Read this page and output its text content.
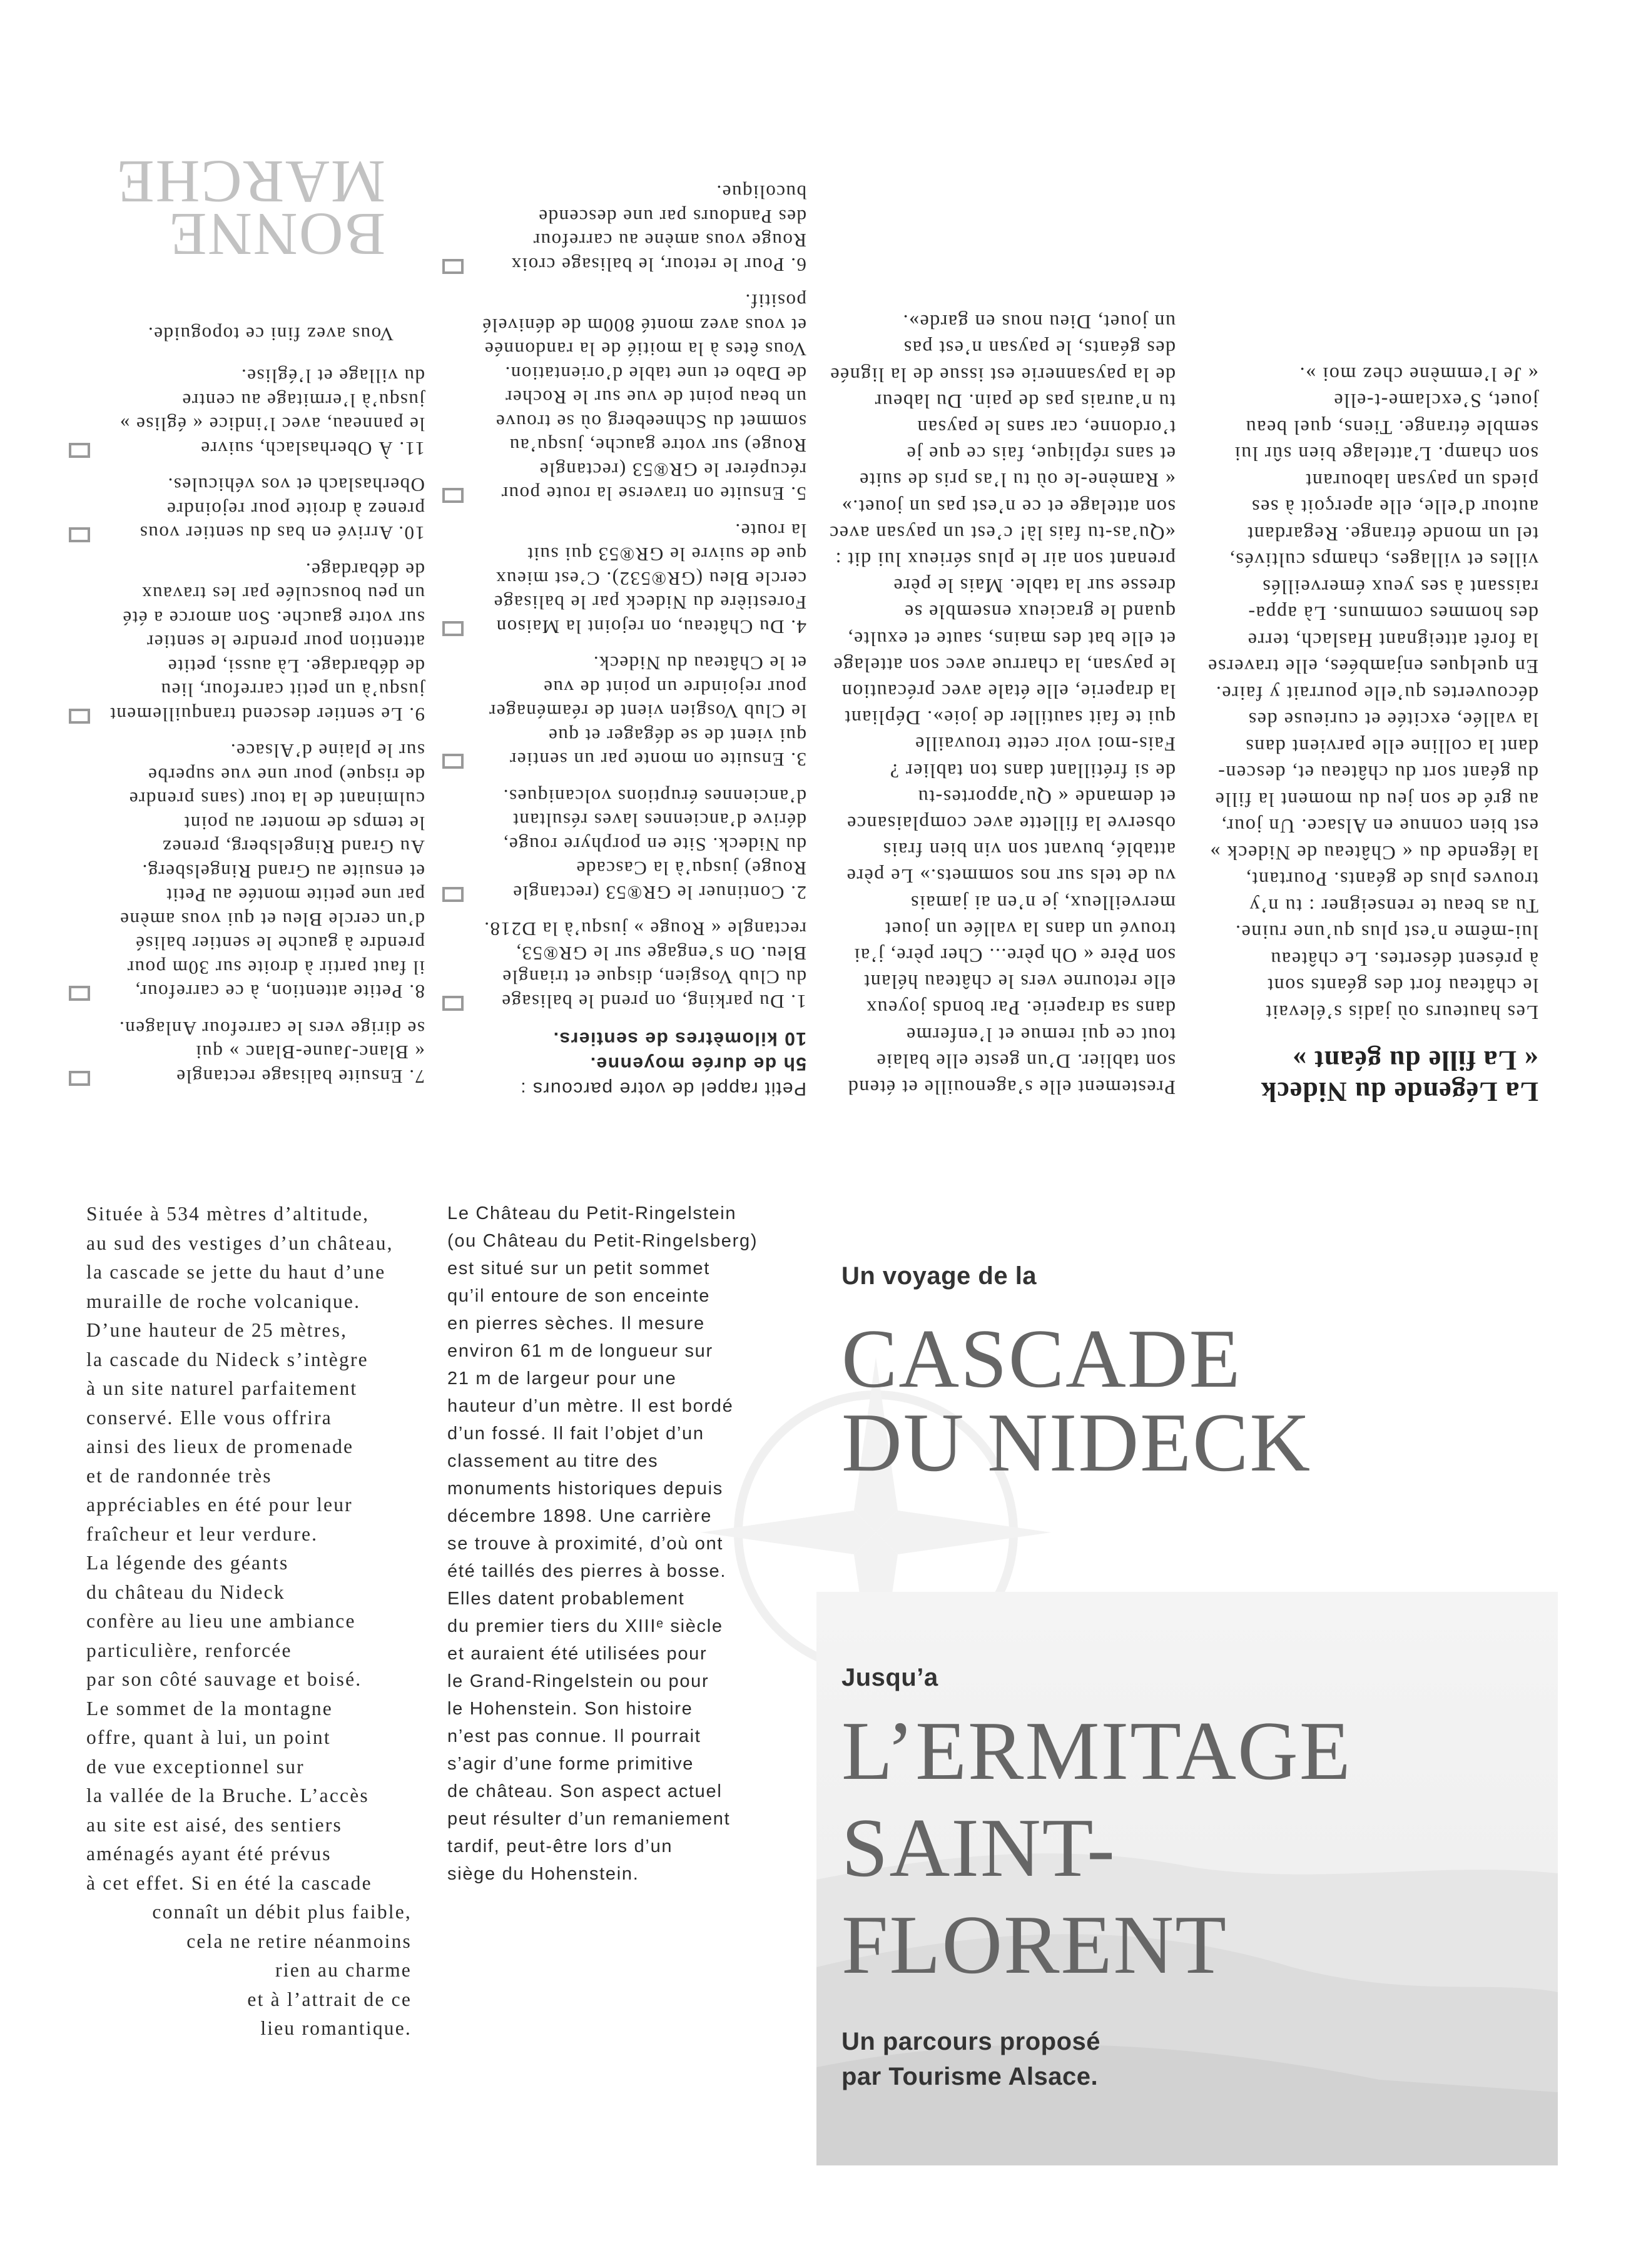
La Légende du Nideck
« La fille du géant »
Les hauteurs où jadis s’élevait
le château fort des géants sont
à présent désertes. Le château
lui-même n’est plus qu’une ruine.
Tu as beau te renseigner : tu n’y
trouves plus de géants. Pourtant,
la légende du « Château de Nideck »
est bien connue en Alsace. Un jour,
au gré de son jeu du moment la fille
du géant sort du château et, descen-
dant la colline elle parvient dans
la vallée, excitée et curieuse des
découvertes qu’elle pourrait y faire.
En quelques enjambées, elle traverse
la forêt atteignant Haslach, terre
des hommes communs. Là appa-
raissant à ses yeux émerveillés
villes et villages, champs cultivés,
tel un monde étrange. Regardant
autour d’elle, elle aperçoit à ses
pieds un paysan labourant
son champ. L’attelage bien sûr lui
semble étrange. Tiens, quel beau
jouet, S’exclame-t-elle
« Je l’emmène chez moi ».
Prestement elle s’agenouille et étend
son tablier. D’un geste elle balaie
tout ce qui remue et l’enferme
dans sa draperie. Par bonds joyeux
elle retourne vers le château hélant
son Père « Oh père... Cher père, j’ai
trouvé un dans la vallée un jouet
merveilleux, je n’en ai jamais
vu de tels sur nos sommets.» Le père
attablé, buvant son vin bien frais
observe la fillette avec complaisance
et demande « Qu’apportes-tu
de si frétillant dans ton tablier ?
Fais-moi voir cette trouvaille
qui te fait sautiller de joie». Dépliant
la draperie, elle étale avec précaution
le paysan, la charrue avec son attelage
et elle bat des mains, saute et exulte,
quand le gracieux ensemble se
dresse sur la table. Mais le père
prenant son air le plus sérieux lui dit :
«Qu’as-tu fais là! c’est un paysan avec
son attelage et ce n’est pas un jouet.»
« Ramène-le où tu l’as pris de suite
et sans réplique, fais ce que je
t’ordonne, car sans le paysan
tu n’aurais pas de pain. Du labeur
de la paysannerie est issue de la lignée
des géants, le paysan n’est pas
un jouet, Dieu nous en garde».
Petit rappel de votre parcours :
5h de durée moyenne.
10 kilomètres de sentiers.
1. Du parking, on prend le balisage
du Club Vosgien, disque et triangle
Bleu. On s’engage sur le GR®53,
rectangle « Rouge » jusqu’à la D218.
2. Continuer le GR®53 (rectangle
Rouge) jusqu’à la Cascade
du Nideck. Site en porphyre rouge,
dérive d’anciennes laves résultant
d’anciennes éruptions volcaniques.
3. Ensuite on monte par un sentier
qui vient de se dégager et que
le Club Vosgien vient de réaménager
pour rejoindre un point de vue
et le Château du Nideck.
4. Du Château, on rejoint la Maison
Forestière du Nideck par le balisage
cercle Bleu (GR®532). C’est mieux
que de suivre le GR®53 qui suit
la route.
5. Ensuite on traverse la route pour
récupérer le GR®53 (rectangle
Rouge) sur votre gauche, jusqu’au
sommet du Schneeberg où se trouve
un beau point de vue sur le Rocher
de Dabo et une table d’orientation.
Vous êtes à la moitié de la randonnée
et vous avez monté 800m de dénivelé
positif.
6. Pour le retour, le balisage croix
Rouge vous amène au carrefour
des Pandours par une descende
bucolique.
7. Ensuite balisage rectangle
« Blanc-Jaune-Blanc » qui
se dirige vers le carrefour Anlagen.
8. Petite attention, à ce carrefour,
il faut partir à droite sur 30m pour
prendre à gauche le sentier balisé
d’un cercle Bleu et qui vous amène
par une petite montée au Petit
et ensuite au Grand Ringelsberg.
Au Grand Ringelsberg, prenez
le temps de monter au point
culminant de la tour (sans prendre
de risque) pour une vue superbe
sur le plaine d’Alsace.
9. Le sentier descend tranquillement
jusqu’à un petit carrefour, lieu
de débardage. Là aussi, petite
attention pour prendre le sentier
sur votre gauche. Son amorce a été
un peu bousculée par les travaux
de débardage.
10. Arrivé en bas du sentier vous
prenez à droite pour rejoindre
Oberhaslach et vos véhicules.
11. À Oberhaslach, suivre
le panneau, avec l’indice « église »
jusqu’à l’ermitage au centre
du village et l’église.
Vous avez fini ce topoguide.
BONNE
MARCHE
Située à 534 mètres d’altitude,
au sud des vestiges d’un château,
la cascade se jette du haut d’une
muraille de roche volcanique.
D’une hauteur de 25 mètres,
la cascade du Nideck s’intègre
à un site naturel parfaitement
conservé. Elle vous offrira
ainsi des lieux de promenade
et de randonnée très
appréciables en été pour leur
fraîcheur et leur verdure.
La légende des géants
du château du Nideck
confère au lieu une ambiance
particulière, renforcée
par son côté sauvage et boisé.
Le sommet de la montagne
offre, quant à lui, un point
de vue exceptionnel sur
la vallée de la Bruche. L’accès
au site est aisé, des sentiers
aménagés ayant été prévus
à cet effet. Si en été la cascade
connaît un débit plus faible,
cela ne retire néanmoins
rien au charme
et à l’attrait de ce
lieu romantique.
Le Château du Petit-Ringelstein
(ou Château du Petit-Ringelsberg)
est situé sur un petit sommet
qu’il entoure de son enceinte
en pierres sèches. Il mesure
environ 61 m de longueur sur
21 m de largeur pour une
hauteur d’un mètre. Il est bordé
d’un fossé. Il fait l’objet d’un
classement au titre des
monuments historiques depuis
décembre 1898. Une carrière
se trouve à proximité, d’où ont
été taillés des pierres à bosse.
Elles datent probablement
du premier tiers du XIIIᵉ siècle
et auraient été utilisées pour
le Grand-Ringelstein ou pour
le Hohenstein. Son histoire
n’est pas connue. Il pourrait
s’agir d’une forme primitive
de château. Son aspect actuel
peut résulter d’un remaniement
tardif, peut-être lors d’un
siège du Hohenstein.
Un voyage de la
CASCADE
DU NIDECK
Jusqu’a
L’ERMITAGE
SAINT-
FLORENT
Un parcours proposé
par Tourisme Alsace.
